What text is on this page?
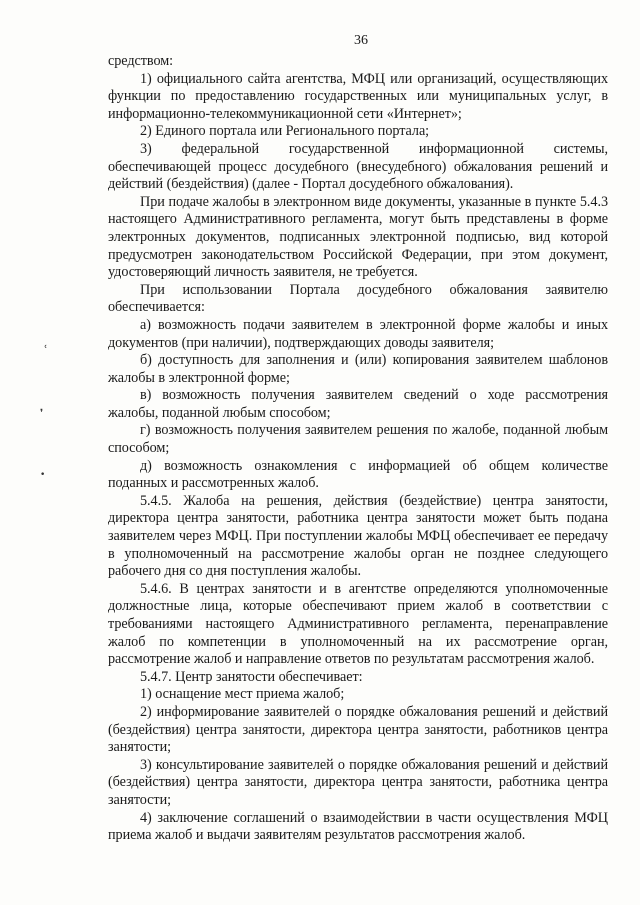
36

средством:

1) официального сайта агентства, МФЦ или организаций, осуществляющих функции по предоставлению государственных или муниципальных услуг, в информационно-телекоммуникационной сети «Интернет»;

2) Единого портала или Регионального портала;

3) федеральной государственной информационной системы, обеспечивающей процесс досудебного (внесудебного) обжалования решений и действий (бездействия) (далее - Портал досудебного обжалования).

При подаче жалобы в электронном виде документы, указанные в пункте 5.4.3 настоящего Административного регламента, могут быть представлены в форме электронных документов, подписанных электронной подписью, вид которой предусмотрен законодательством Российской Федерации, при этом документ, удостоверяющий личность заявителя, не требуется.

При использовании Портала досудебного обжалования заявителю обеспечивается:

а) возможность подачи заявителем в электронной форме жалобы и иных документов (при наличии), подтверждающих доводы заявителя;

б) доступность для заполнения и (или) копирования заявителем шаблонов жалобы в электронной форме;

в) возможность получения заявителем сведений о ходе рассмотрения жалобы, поданной любым способом;

г) возможность получения заявителем решения по жалобе, поданной любым способом;

д) возможность ознакомления с информацией об общем количестве поданных и рассмотренных жалоб.

5.4.5. Жалоба на решения, действия (бездействие) центра занятости, директора центра занятости, работника центра занятости может быть подана заявителем через МФЦ. При поступлении жалобы МФЦ обеспечивает ее передачу в уполномоченный на рассмотрение жалобы орган не позднее следующего рабочего дня со дня поступления жалобы.

5.4.6. В центрах занятости и в агентстве определяются уполномоченные должностные лица, которые обеспечивают прием жалоб в соответствии с требованиями настоящего Административного регламента, перенаправление жалоб по компетенции в уполномоченный на их рассмотрение орган, рассмотрение жалоб и направление ответов по результатам рассмотрения жалоб.

5.4.7. Центр занятости обеспечивает:

1) оснащение мест приема жалоб;

2) информирование заявителей о порядке обжалования решений и действий (бездействия) центра занятости, директора центра занятости, работников центра занятости;

3) консультирование заявителей о порядке обжалования решений и действий (бездействия) центра занятости, директора центра занятости, работника центра занятости;

4) заключение соглашений о взаимодействии в части осуществления МФЦ приема жалоб и выдачи заявителям результатов рассмотрения жалоб.

ʿ
❜
•
